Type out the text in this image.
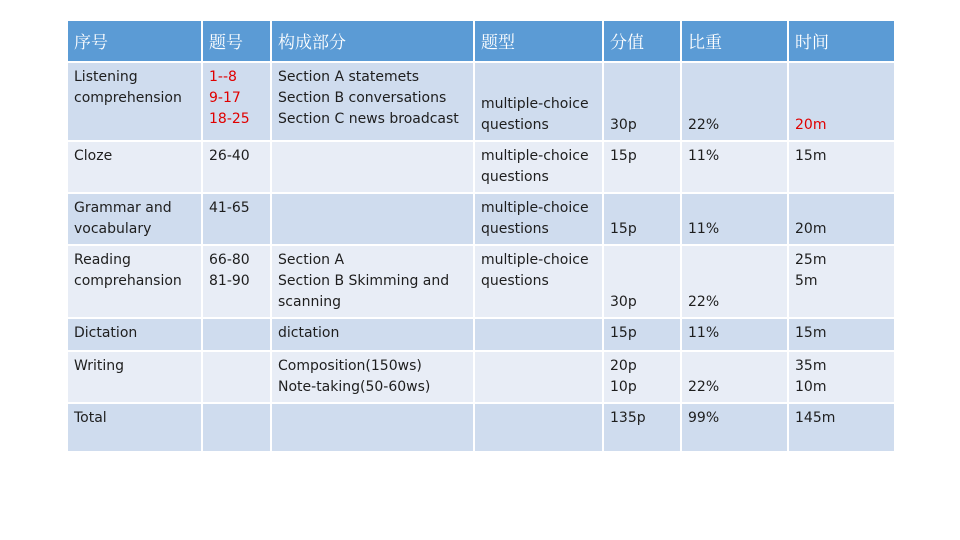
序号	题号	构成部分	题型	分值	比重	时间
Listening comprehension	1--8
9-17
18-25	Section A statemets
Section B conversations
Section C news broadcast	multiple-choice
questions	30p	22%	20m

Cloze	26-40		multiple-choice
questions	15p	11%	15m

Grammar and vocabulary	41-65		multiple-choice
questions	15p	11%	20m

Reading comprehansion	66-80
81-90	Section A
Section B Skimming and
scanning	multiple-choice
questions	30p	22%	25m
5m

Dictation		dictation		15p	11%	15m

Writing		Composition(150ws)
Note-taking(50-60ws)		20p
10p	22%	35m
10m

Total				135p	99%	145m
